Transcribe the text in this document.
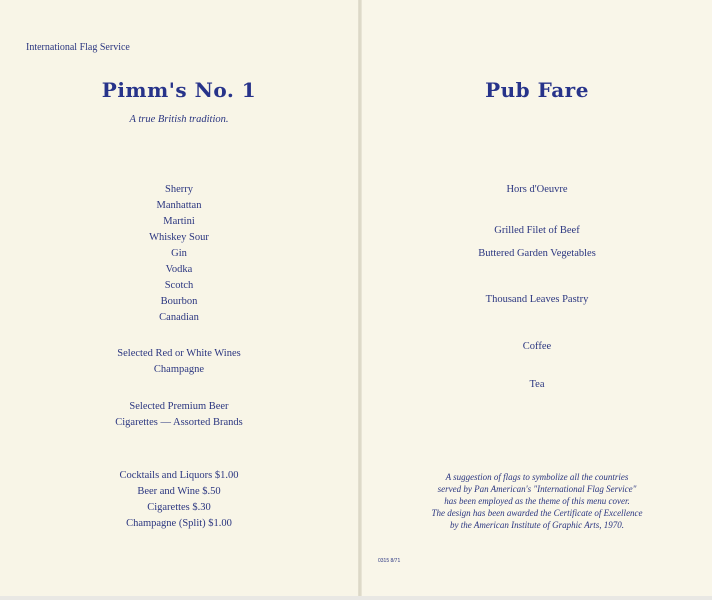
International Flag Service
Pimm's No. 1
A true British tradition.
Sherry
Manhattan
Martini
Whiskey Sour
Gin
Vodka
Scotch
Bourbon
Canadian
Selected Red or White Wines
Champagne
Selected Premium Beer
Cigarettes — Assorted Brands
Cocktails and Liquors $1.00
Beer and Wine $.50
Cigarettes $.30
Champagne (Split) $1.00
Pub Fare
Hors d'Oeuvre
Grilled Filet of Beef
Buttered Garden Vegetables
Thousand Leaves Pastry
Coffee
Tea
A suggestion of flags to symbolize all the countries
served by Pan American's "International Flag Service"
has been employed as the theme of this menu cover.
The design has been awarded the Certificate of Excellence
by the American Institute of Graphic Arts, 1970.
0315 8/71
